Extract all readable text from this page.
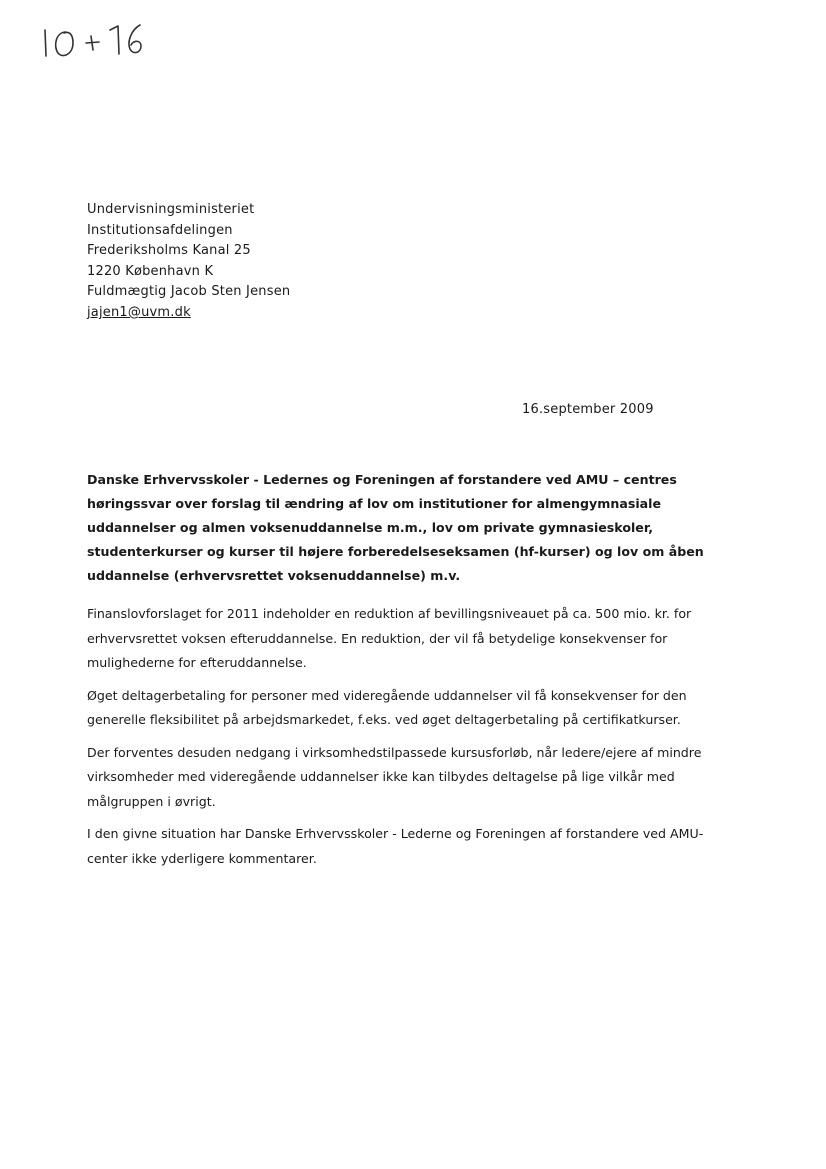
Undervisningsministeriet
Institutionsafdelingen
Frederiksholms Kanal 25
1220 København K
Fuldmægtig Jacob Sten Jensen
jajen1@uvm.dk
16.september 2009

Danske Erhvervsskoler - Ledernes og Foreningen af forstandere ved AMU – centres høringssvar over forslag til ændring af lov om institutioner for almengymnasiale uddannelser og almen voksenuddannelse m.m., lov om private gymnasieskoler, studenterkurser og kurser til højere forberedelseseksamen (hf-kurser) og lov om åben uddannelse (erhvervsrettet voksenuddannelse) m.v.

Finanslovforslaget for 2011 indeholder en reduktion af bevillingsniveauet på ca. 500 mio. kr. for erhvervsrettet voksen efteruddannelse. En reduktion, der vil få betydelige konsekvenser for mulighederne for efteruddannelse.

Øget deltagerbetaling for personer med videregående uddannelser vil få konsekvenser for den generelle fleksibilitet på arbejdsmarkedet, f.eks. ved øget deltagerbetaling på certifikatkurser.

Der forventes desuden nedgang i virksomhedstilpassede kursusforløb, når ledere/ejere af mindre virksomheder med videregående uddannelser ikke kan tilbydes deltagelse på lige vilkår med målgruppen i øvrigt.

I den givne situation har Danske Erhvervsskoler - Lederne og Foreningen af forstandere ved AMU-center ikke yderligere kommentarer.
